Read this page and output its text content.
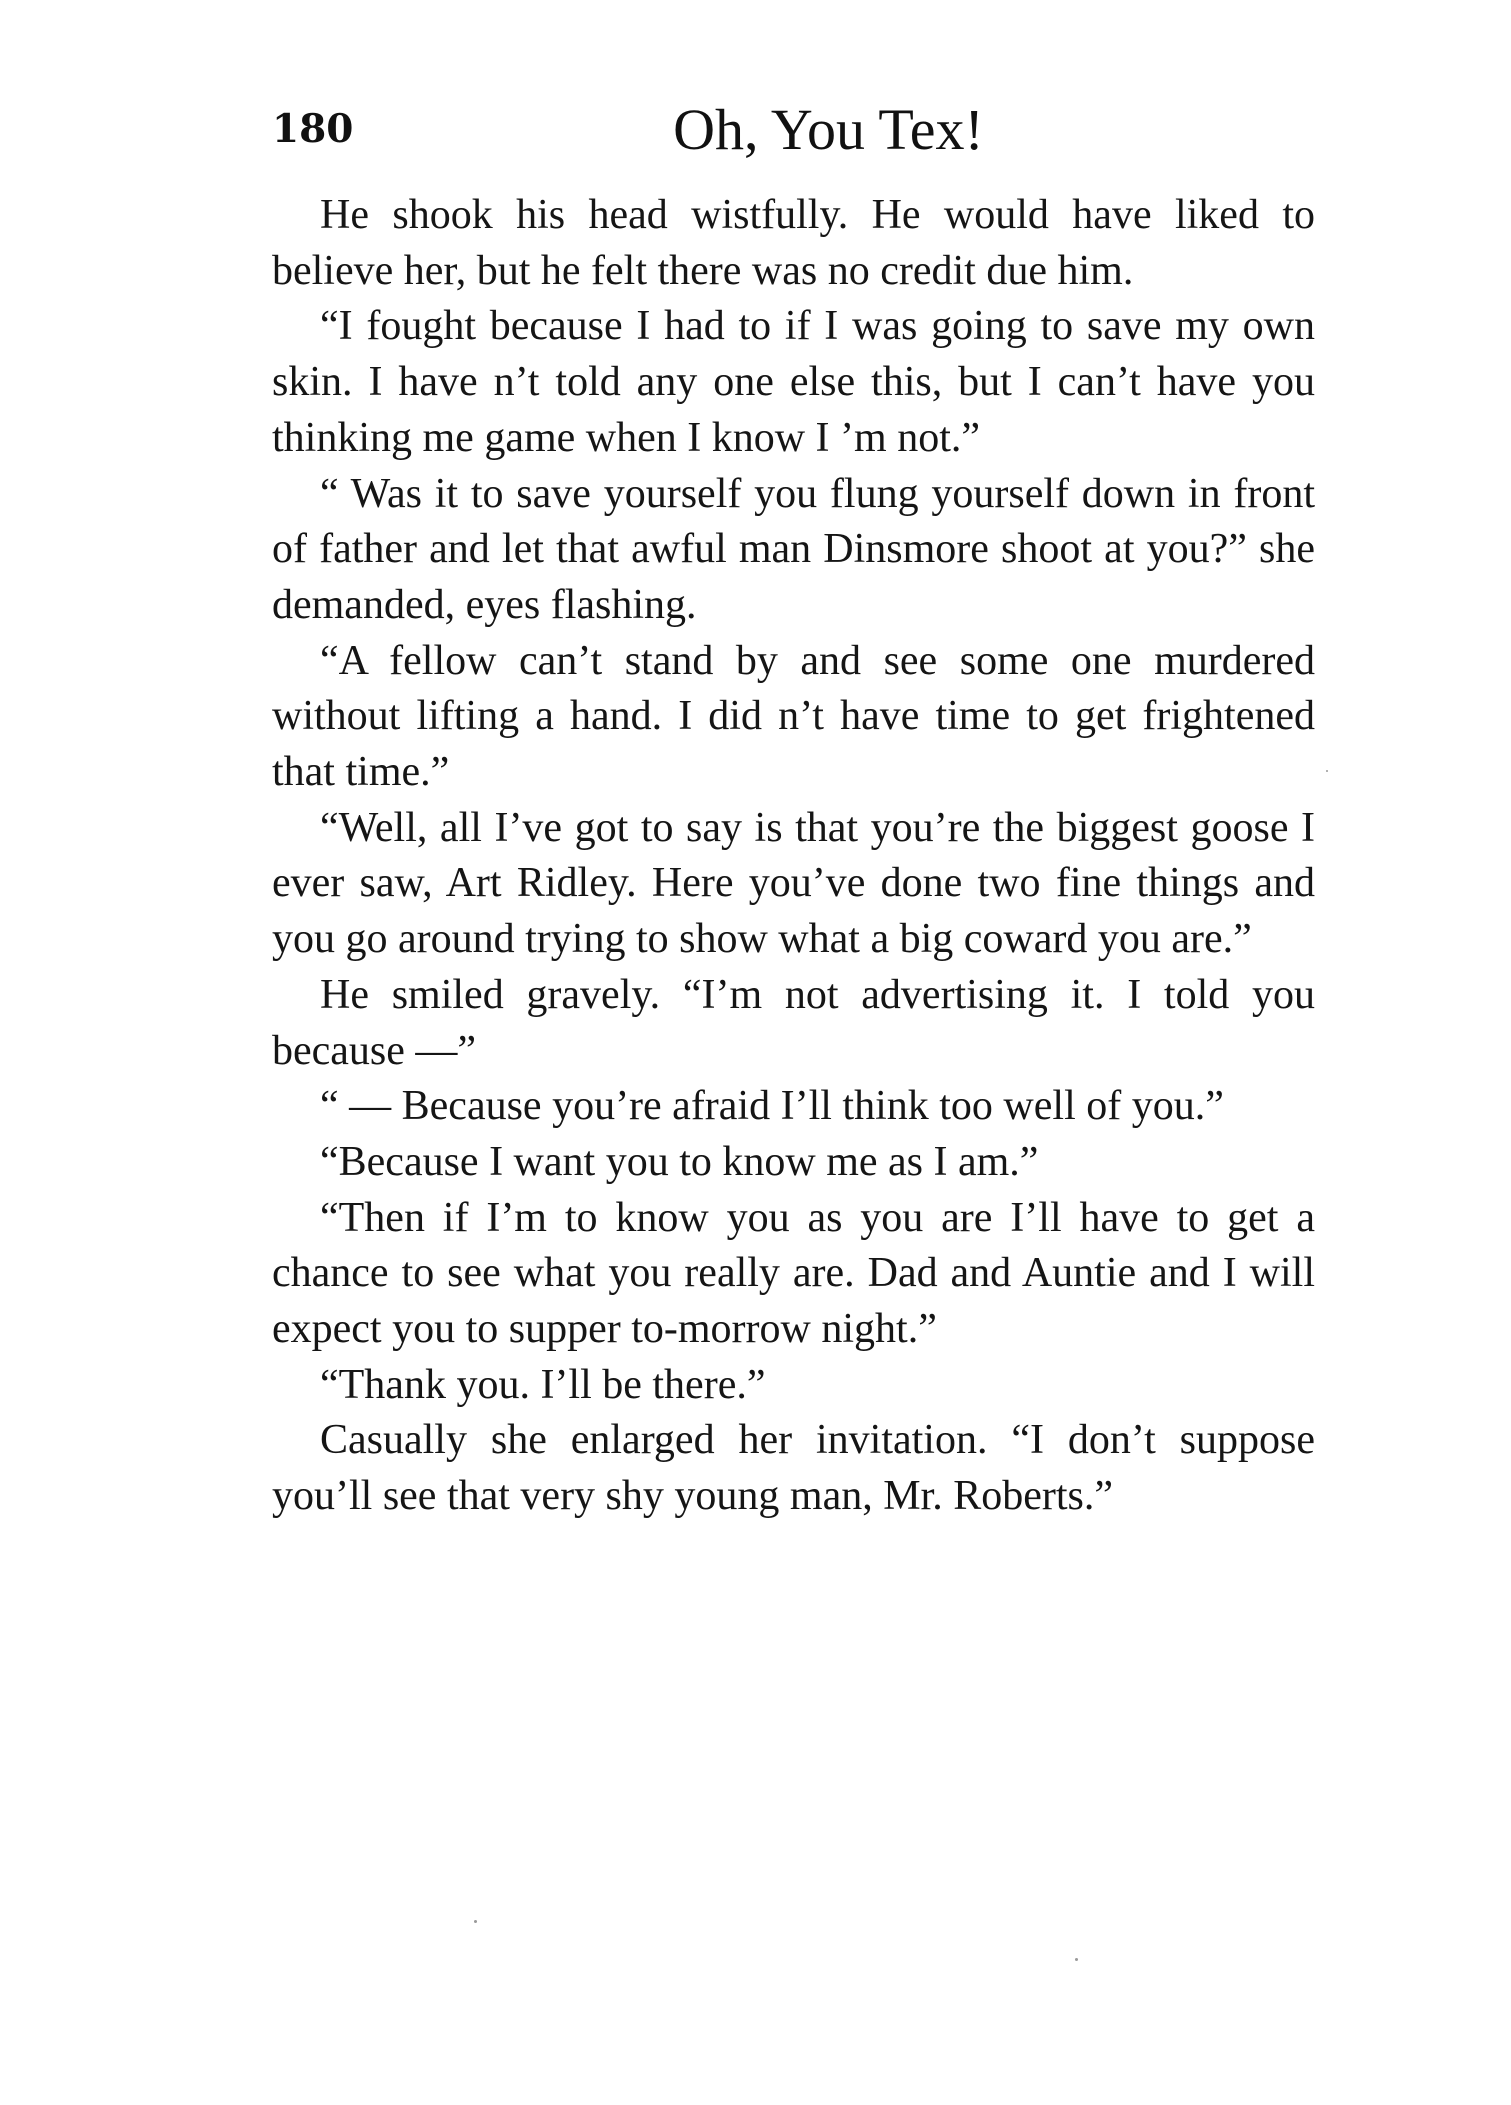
180	Oh, You Tex!

He shook his head wistfully. He would have liked to believe her, but he felt there was no credit due him.

“I fought because I had to if I was going to save my own skin. I have n’t told any one else this, but I can’t have you thinking me game when I know I ’m not.”

“ Was it to save yourself you flung yourself down in front of father and let that awful man Dinsmore shoot at you?” she demanded, eyes flashing.

“A fellow can’t stand by and see some one murdered without lifting a hand. I did n’t have time to get frightened that time.”

“Well, all I’ve got to say is that you’re the biggest goose I ever saw, Art Ridley. Here you’ve done two fine things and you go around trying to show what a big coward you are.”

He smiled gravely. “I’m not advertising it. I told you because —”

“ — Because you’re afraid I’ll think too well of you.”

“Because I want you to know me as I am.”

“Then if I’m to know you as you are I’ll have to get a chance to see what you really are. Dad and Auntie and I will expect you to supper to-morrow night.”

“Thank you. I’ll be there.”

Casually she enlarged her invitation. “I don’t suppose you’ll see that very shy young man, Mr. Roberts.”
